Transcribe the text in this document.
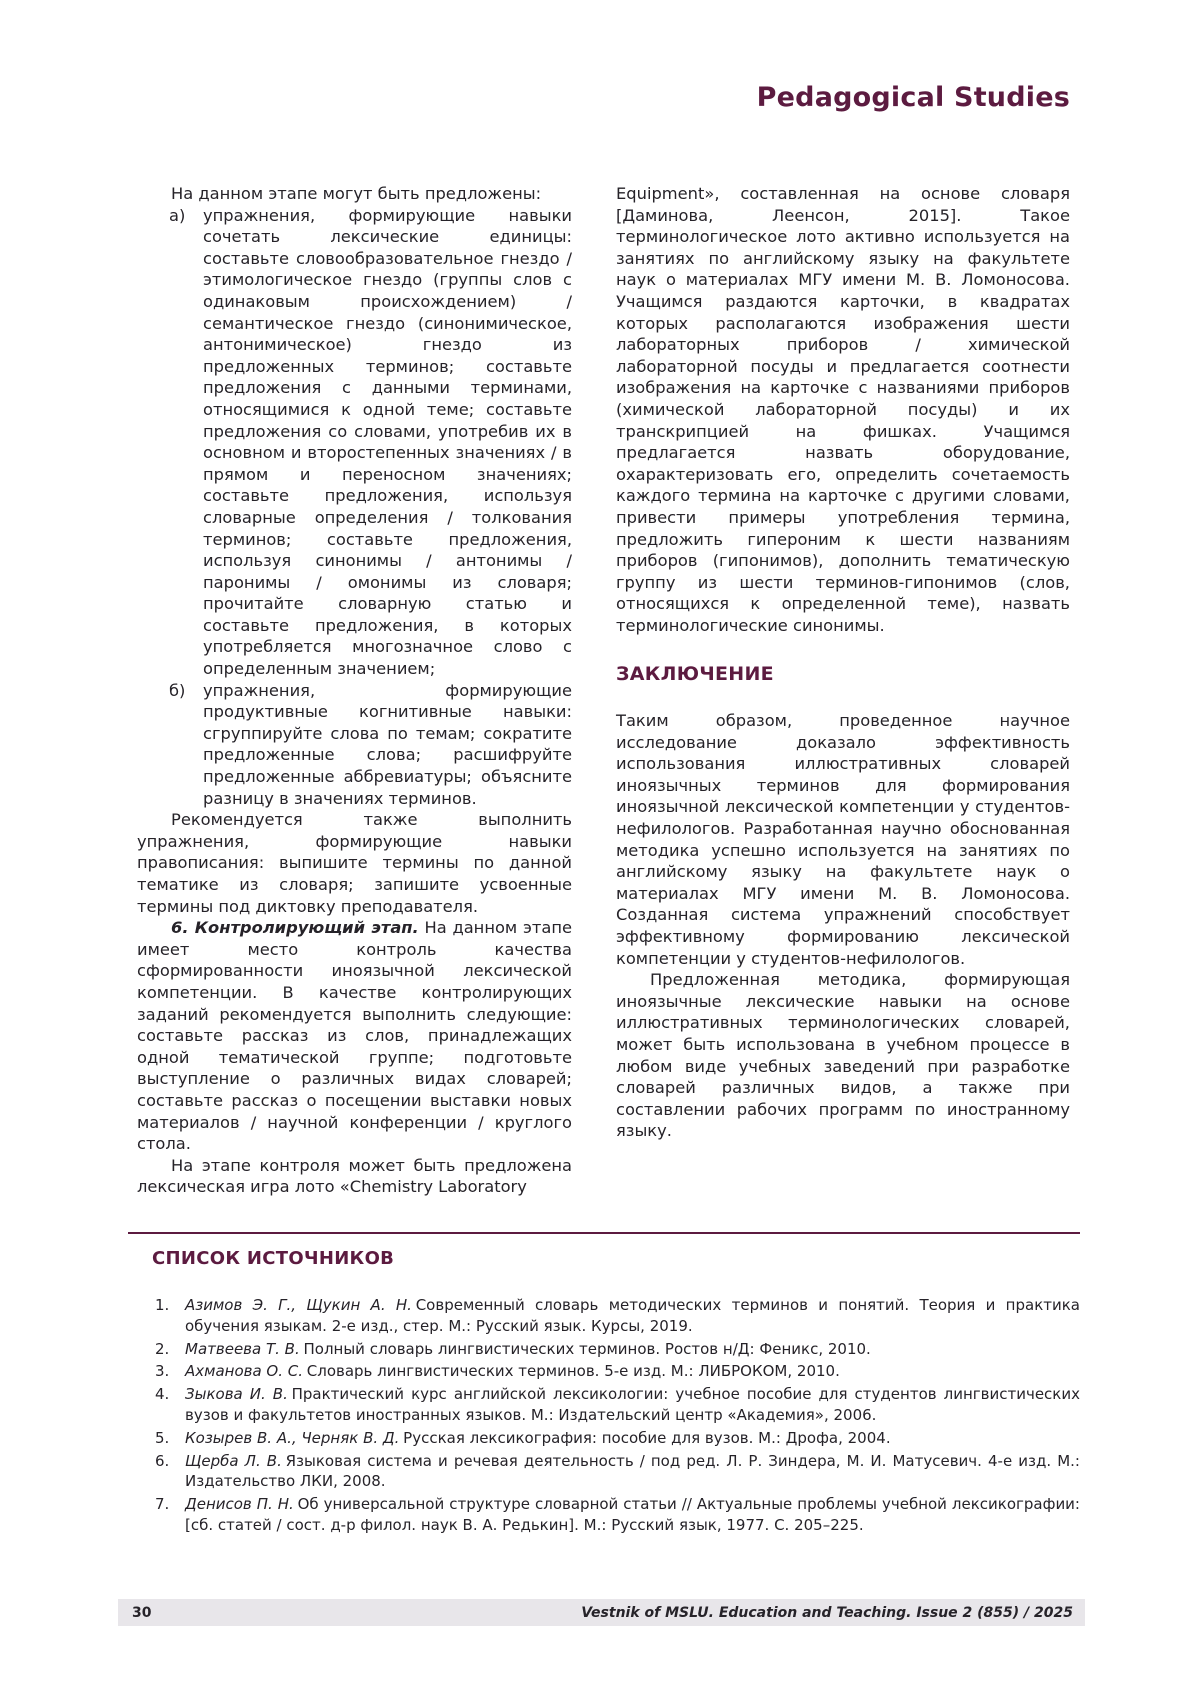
Pedagogical Studies

На данном этапе могут быть предложены:

а) упражнения, формирующие навыки сочетать лексические единицы: составьте словообразовательное гнездо / этимологическое гнездо (группы слов с одинаковым происхождением) / семантическое гнездо (синонимическое, антонимическое) гнездо из предложенных терминов; составьте предложения с данными терминами, относящимися к одной теме; составьте предложения со словами, употребив их в основном и второстепенных значениях / в прямом и переносном значениях; составьте предложения, используя словарные определения / толкования терминов; составьте предложения, используя синонимы / антонимы / паронимы / омонимы из словаря; прочитайте словарную статью и составьте предложения, в которых употребляется многозначное слово с определенным значением;
б) упражнения, формирующие продуктивные когнитивные навыки: сгруппируйте слова по темам; сократите предложенные слова; расшифруйте предложенные аббревиатуры; объясните разницу в значениях терминов.

Рекомендуется также выполнить упражнения, формирующие навыки правописания: выпишите термины по данной тематике из словаря; запишите усвоенные термины под диктовку преподавателя.

6. Контролирующий этап. На данном этапе имеет место контроль качества сформированности иноязычной лексической компетенции. В качестве контролирующих заданий рекомендуется выполнить следующие: составьте рассказ из слов, принадлежащих одной тематической группе; подготовьте выступление о различных видах словарей; составьте рассказ о посещении выставки новых материалов / научной конференции / круглого стола.

На этапе контроля может быть предложена лексическая игра лото «Chemistry Laboratory

Equipment», составленная на основе словаря [Даминова, Леенсон, 2015]. Такое терминологическое лото активно используется на занятиях по английскому языку на факультете наук о материалах МГУ имени М. В. Ломоносова. Учащимся раздаются карточки, в квадратах которых располагаются изображения шести лабораторных приборов / химической лабораторной посуды и предлагается соотнести изображения на карточке с названиями приборов (химической лабораторной посуды) и их транскрипцией на фишках. Учащимся предлагается назвать оборудование, охарактеризовать его, определить сочетаемость каждого термина на карточке с другими словами, привести примеры употребления термина, предложить гипероним к шести названиям приборов (гипонимов), дополнить тематическую группу из шести терминов-гипонимов (слов, относящихся к определенной теме), назвать терминологические синонимы.

ЗАКЛЮЧЕНИЕ

Таким образом, проведенное научное исследование доказало эффективность использования иллюстративных словарей иноязычных терминов для формирования иноязычной лексической компетенции у студентов-нефилологов. Разработанная научно обоснованная методика успешно используется на занятиях по английскому языку на факультете наук о материалах МГУ имени М. В. Ломоносова. Созданная система упражнений способствует эффективному формированию лексической компетенции у студентов-нефилологов.

Предложенная методика, формирующая иноязычные лексические навыки на основе иллюстративных терминологических словарей, может быть использована в учебном процессе в любом виде учебных заведений при разработке словарей различных видов, а также при составлении рабочих программ по иностранному языку.

СПИСОК ИСТОЧНИКОВ
1. Азимов Э. Г., Щукин А. Н. Современный словарь методических терминов и понятий. Теория и практика обучения языкам. 2-е изд., стер. М.: Русский язык. Курсы, 2019.
2. Матвеева Т. В. Полный словарь лингвистических терминов. Ростов н/Д: Феникс, 2010.
3. Ахманова О. С. Словарь лингвистических терминов. 5-е изд. М.: ЛИБРОКОМ, 2010.
4. Зыкова И. В. Практический курс английской лексикологии: учебное пособие для студентов лингвистических вузов и факультетов иностранных языков. М.: Издательский центр «Академия», 2006.
5. Козырев В. А., Черняк В. Д. Русская лексикография: пособие для вузов. М.: Дрофа, 2004.
6. Щерба Л. В. Языковая система и речевая деятельность / под ред. Л. Р. Зиндера, М. И. Матусевич. 4-е изд. М.: Издательство ЛКИ, 2008.
7. Денисов П. Н. Об универсальной структуре словарной статьи // Актуальные проблемы учебной лексикографии: [сб. статей / сост. д-р филол. наук В. А. Редькин]. М.: Русский язык, 1977. С. 205–225.
30	Vestnik of MSLU. Education and Teaching. Issue 2 (855) / 2025
